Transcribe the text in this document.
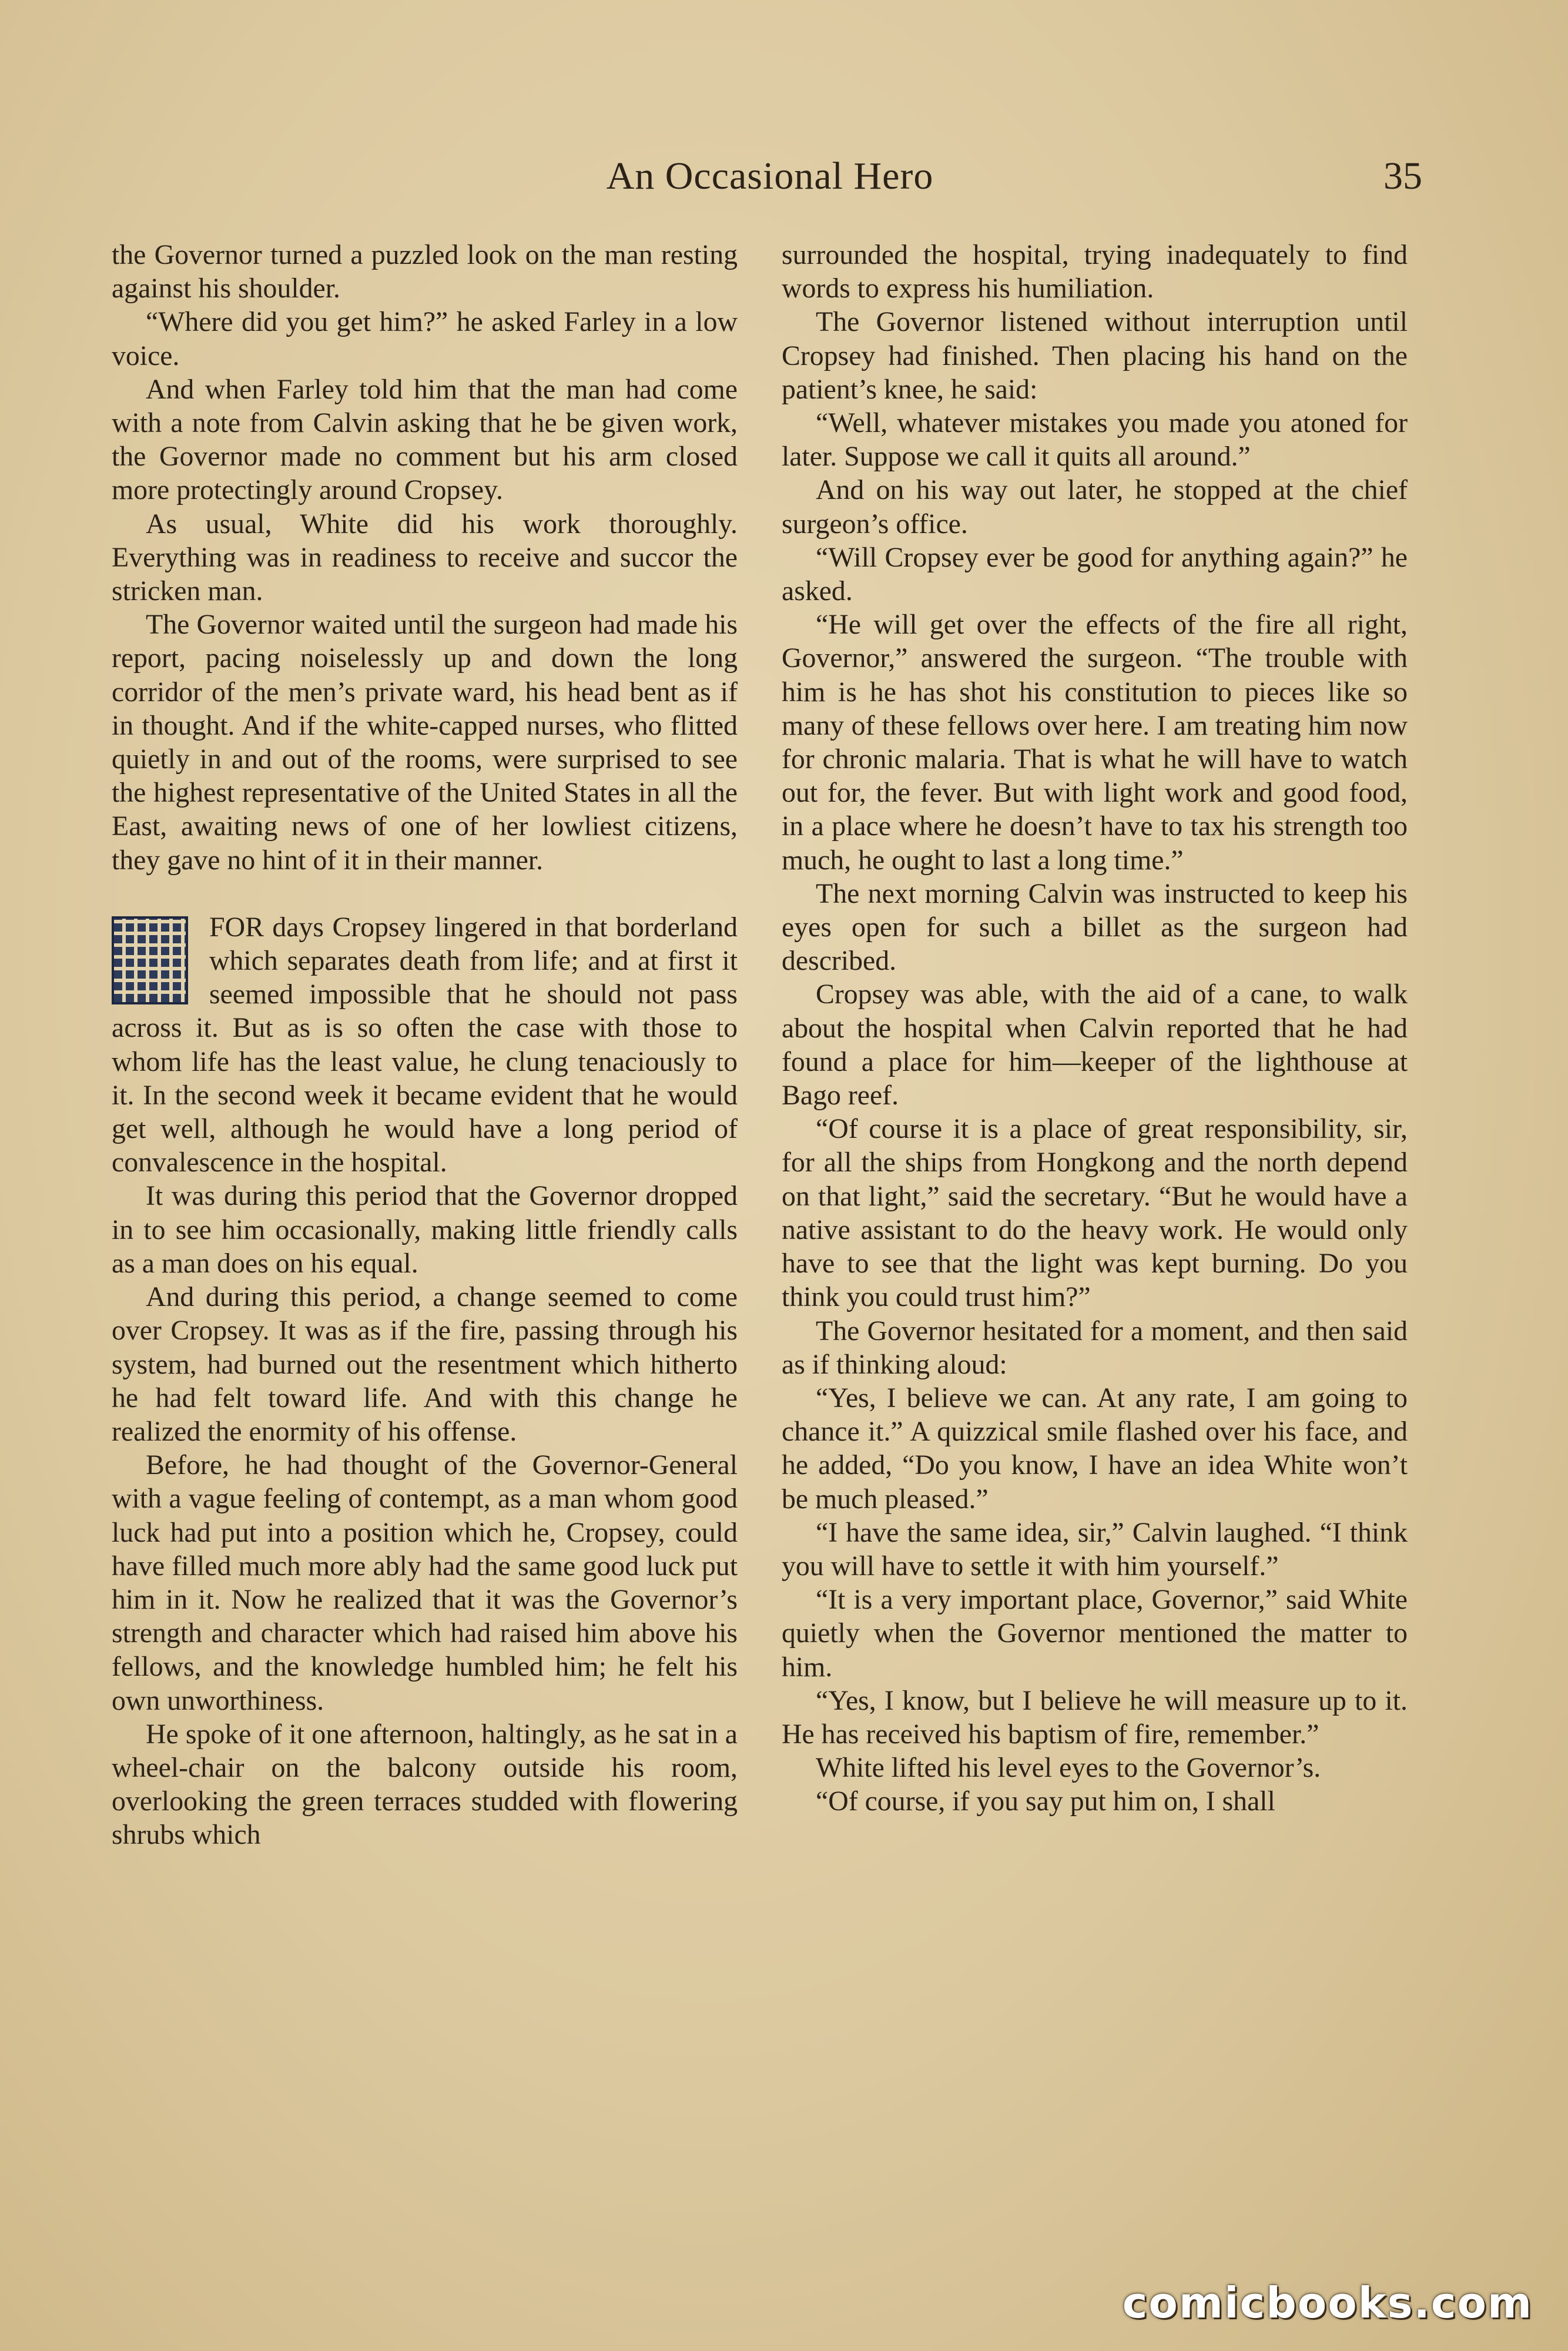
An Occasional Hero	35

the Governor turned a puzzled look on the man resting against his shoulder.

“Where did you get him?” he asked Farley in a low voice.

And when Farley told him that the man had come with a note from Calvin asking that he be given work, the Governor made no comment but his arm closed more protectingly around Cropsey.

As usual, White did his work thoroughly. Everything was in readiness to receive and succor the stricken man.

The Governor waited until the surgeon had made his report, pacing noiselessly up and down the long corridor of the men’s private ward, his head bent as if in thought. And if the white-capped nurses, who flitted quietly in and out of the rooms, were surprised to see the highest representative of the United States in all the East, awaiting news of one of her lowliest citizens, they gave no hint of it in their manner.

FOR days Cropsey lingered in that borderland which separates death from life; and at first it seemed impossible that he should not pass across it. But as is so often the case with those to whom life has the least value, he clung tenaciously to it. In the second week it became evident that he would get well, although he would have a long period of convalescence in the hospital.

It was during this period that the Governor dropped in to see him occasionally, making little friendly calls as a man does on his equal.

And during this period, a change seemed to come over Cropsey. It was as if the fire, passing through his system, had burned out the resentment which hitherto he had felt toward life. And with this change he realized the enormity of his offense.

Before, he had thought of the Governor-General with a vague feeling of contempt, as a man whom good luck had put into a position which he, Cropsey, could have filled much more ably had the same good luck put him in it. Now he realized that it was the Governor’s strength and character which had raised him above his fellows, and the knowledge humbled him; he felt his own unworthiness.

He spoke of it one afternoon, haltingly, as he sat in a wheel-chair on the balcony outside his room, overlooking the green terraces studded with flowering shrubs which

surrounded the hospital, trying inadequately to find words to express his humiliation.

The Governor listened without interruption until Cropsey had finished. Then placing his hand on the patient’s knee, he said:

“Well, whatever mistakes you made you atoned for later. Suppose we call it quits all around.”

And on his way out later, he stopped at the chief surgeon’s office.

“Will Cropsey ever be good for anything again?” he asked.

“He will get over the effects of the fire all right, Governor,” answered the surgeon. “The trouble with him is he has shot his constitution to pieces like so many of these fellows over here. I am treating him now for chronic malaria. That is what he will have to watch out for, the fever. But with light work and good food, in a place where he doesn’t have to tax his strength too much, he ought to last a long time.”

The next morning Calvin was instructed to keep his eyes open for such a billet as the surgeon had described.

Cropsey was able, with the aid of a cane, to walk about the hospital when Calvin reported that he had found a place for him—keeper of the lighthouse at Bago reef.

“Of course it is a place of great responsibility, sir, for all the ships from Hongkong and the north depend on that light,” said the secretary. “But he would have a native assistant to do the heavy work. He would only have to see that the light was kept burning. Do you think you could trust him?”

The Governor hesitated for a moment, and then said as if thinking aloud:

“Yes, I believe we can. At any rate, I am going to chance it.” A quizzical smile flashed over his face, and he added, “Do you know, I have an idea White won’t be much pleased.”

“I have the same idea, sir,” Calvin laughed. “I think you will have to settle it with him yourself.”

“It is a very important place, Governor,” said White quietly when the Governor mentioned the matter to him.

“Yes, I know, but I believe he will measure up to it. He has received his baptism of fire, remember.”

White lifted his level eyes to the Governor’s.

“Of course, if you say put him on, I shall

comicbooks.com
